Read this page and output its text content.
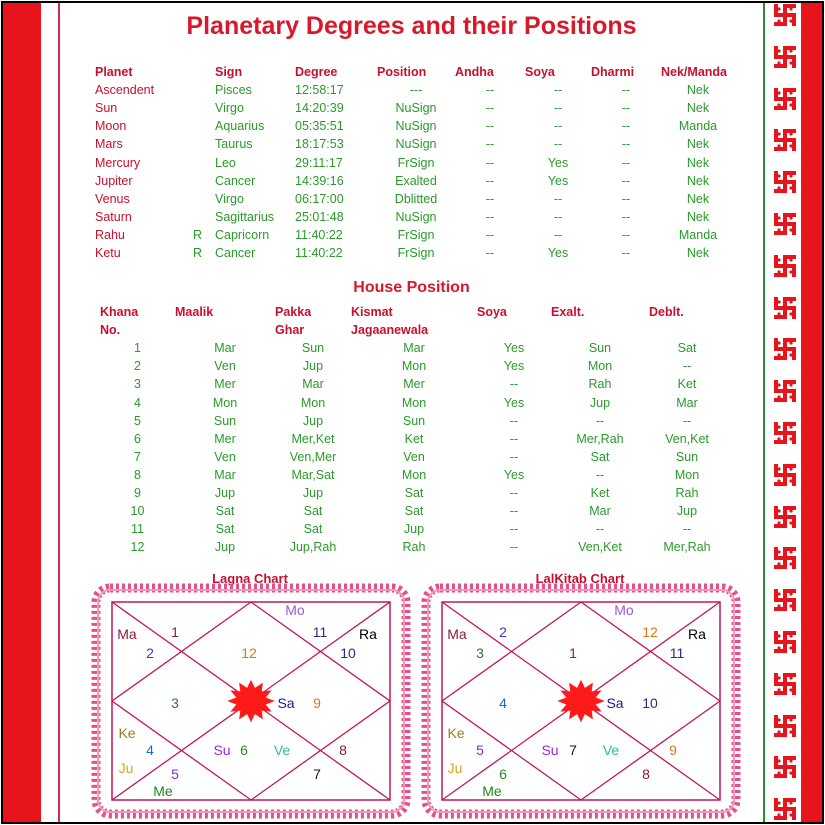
Planetary Degrees and their Positions
Planet		Sign	Degree	Position	Andha	Soya	Dharmi	Nek/Manda
Ascendent		Pisces	12:58:17	---	--	--	--	Nek
Sun		Virgo	14:20:39	NuSign	--	--	--	Nek
Moon		Aquarius	05:35:51	NuSign	--	--	--	Manda
Mars		Taurus	18:17:53	NuSign	--	--	--	Nek
Mercury		Leo	29:11:17	FrSign	--	Yes	--	Nek
Jupiter		Cancer	14:39:16	Exalted	--	Yes	--	Nek
Venus		Virgo	06:17:00	Dblitted	--	--	--	Nek
Saturn		Sagittarius	25:01:48	NuSign	--	--	--	Nek
Rahu	R	Capricorn	11:40:22	FrSign	--	--	--	Manda
Ketu	R	Cancer	11:40:22	FrSign	--	Yes	--	Nek
House Position
Khana	Maalik	Pakka	Kismat	Soya	Exalt.	Deblt.
No.		Ghar	Jagaanewala			
1	Mar	Sun	Mar	Yes	Sun	Sat
2	Ven	Jup	Mon	Yes	Mon	--
3	Mer	Mar	Mer	--	Rah	Ket
4	Mon	Mon	Mon	Yes	Jup	Mar
5	Sun	Jup	Sun	--	--	--
6	Mer	Mer,Ket	Ket	--	Mer,Rah	Ven,Ket
7	Ven	Ven,Mer	Ven	--	Sat	Sun
8	Mar	Mar,Sat	Mon	Yes	--	Mon
9	Jup	Jup	Sat	--	Ket	Rah
10	Sat	Sat	Sat	--	Mar	Jup
11	Sat	Sat	Jup	--	--	--
12	Jup	Jup,Rah	Rah	--	Ven,Ket	Mer,Rah
Lagna Chart	LalKitab Chart
Mo
Ma 1
2	12
11 Ra
10
3	Sa 9
Ke
4	Su 6 Ve	8
Ju	5	7
Me
Mo
Ma 2
3	1
12 Ra
11
4	Sa 10
Ke
5	Su 7 Ve	9
Ju	6	8
Me
